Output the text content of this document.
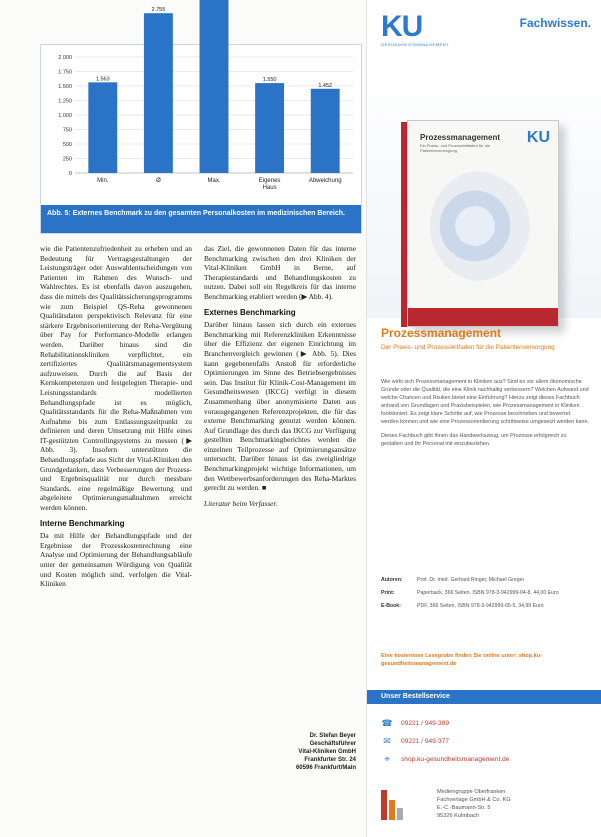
0
250
500
750
1.000
1.250
1.500
1.750
2.000
1.563
Min.
2.755
Ø	Max.
1.550
Eigenes
Haus
1.452
Abweichung
Abb. 5: Externes Benchmark zu den gesamten Personalkosten im medizinischen Bereich.

wie die Patientenzufriedenheit zu erheben und an Bedeutung für Vertragsgestaltungen der Leistungsträger oder Auswahlentscheidungen von Patienten im Rahmen des Wunsch- und Wahlrechtes. Es ist ebenfalls davon auszugehen, dass die mittels des Qualitätssicherungsprogramms wie zum Beispiel QS-Reha gewonnenen Qualitätsdaten perspektivisch Relevanz für eine stärkere Ergebnisorientierung der Reha-Vergütung über Pay for Performance-Modelle erlangen werden. Darüber hinaus sind die Rehabilitationskliniken verpflichtet, ein zertifiziertes Qualitätsmanagementsystem aufzuweisen. Durch die auf Basis der Kernkompetenzen und festgelegten Therapie- und Leistungsstandards modellierten Behandlungspfade ist es möglich, Qualitätsstandards für die Reha-Maßnahmen von Aufnahme bis zum Entlassungszeitpunkt zu definieren und deren Umsetzung mit Hilfe eines IT-gestützten Controllingsystems zu messen (▶ Abb. 3). Insofern unterstützen die Behandlungspfade aus Sicht der Vital-Kliniken den Grundgedanken, dass Verbesserungen der Prozess- und Ergebnisqualität nur durch messbare Standards, eine regelmäßige Bewertung und abgeleitete Optimierungsmaßnahmen erreicht werden können.

Interne Benchmarking

Da mit Hilfe der Behandlungspfade und der Ergebnisse der Prozesskostenrechnung eine Analyse und Optimierung der Behandlungsabläufe unter der gemeinsamen Würdigung von Qualität und Kosten möglich sind, verfolgen die Vital-Kliniken

das Ziel, die gewonnenen Daten für das interne Benchmarking zwischen den drei Kliniken der Vital-Kliniken GmbH in Berne, auf Therapiestandards und Behandlungskosten zu nutzen. Dabei soll ein Regelkreis für das interne Benchmarking etabliert werden (▶ Abb. 4).

Externes Benchmarking

Darüber hinaus lassen sich durch ein externes Benchmarking mit Referenzkliniken Erkenntnisse über die Effizienz der eigenen Einrichtung im Branchenvergleich gewinnen (▶ Abb. 5). Dies kann gegebenenfalls Anstoß für erforderliche Optimierungen im Sinne des Betriebsergebnisses sein. Das Institut für Klinik-Cost-Management im Gesundheitswesen (IKCG) verfügt in diesem Zusammenhang über anonymisierte Daten aus vorausgegangenen Referenzprojekten, die für das externe Benchmarking genutzt werden können. Auf Grundlage des durch das IKCG zur Verfügung gestellten Benchmarkingberichtes werden die einzelnen Teilprozesse auf Optimierungsansätze untersucht. Darüber hinaus ist das zweigliedrige Benchmarkingprojekt wichtige Informationen, um den Wettbewerbsanforderungen des Reha-Marktes gerecht zu werden. ■

Literatur beim Verfasser.

Dr. Stefan Beyer
Geschäftsführer
Vital-Kliniken GmbH
Frankfurter Str. 24
60596 Frankfurt/Main
KU
GESUNDHEITSMANAGEMENT
Fachwissen.
KU
Prozessmanagement
Ein Praxis- und Prozessleitfaden für die Patientenversorgung
Prozessmanagement
Der Praxis- und Prozessleitfaden für die Patientenversorgung

Wie wirkt sich Prozessmanagement in Kliniken aus? Sind es vor allem ökonomische Gründe oder die Qualität, die eine Klinik nachhaltig verbessern? Welchen Aufwand und welche Chancen und Risiken bietet eine Einführung? Hierzu zeigt dieses Fachbuch anhand von Grundlagen und Praxisbeispielen, wie Prozessmanagement in Kliniken funktioniert. Es zeigt klare Schritte auf, wie Prozesse beschrieben und bewertet werden können und wie eine Prozessorientierung schrittweise umgesetzt werden kann.

Dieses Fachbuch gibt Ihnen das Handwerkszeug, um Prozesse erfolgreich zu gestalten und Ihr Personal mit einzubeziehen.

Autoren:	Prof. Dr. med. Gerhard Ringer, Michael Greger
Print:	Paperback, 366 Seiten, ISBN 978-3-942999-04-8, 44,00 Euro
E-Book:	PDF, 366 Seiten, ISBN 978-3-942999-05-5, 34,99 Euro
Eine kostenlose Leseprobe finden Sie online unter: shop.ku-gesundheitsmanagement.de
Unser Bestellservice
☎ 09221 / 949-389
✉	09221 / 949-377
⌖	shop.ku-gesundheitsmanagement.de
Mediengruppe Oberfranken
Fachverlage GmbH & Co. KG
E.-C.-Baumann-Str. 5
95326 Kulmbach
